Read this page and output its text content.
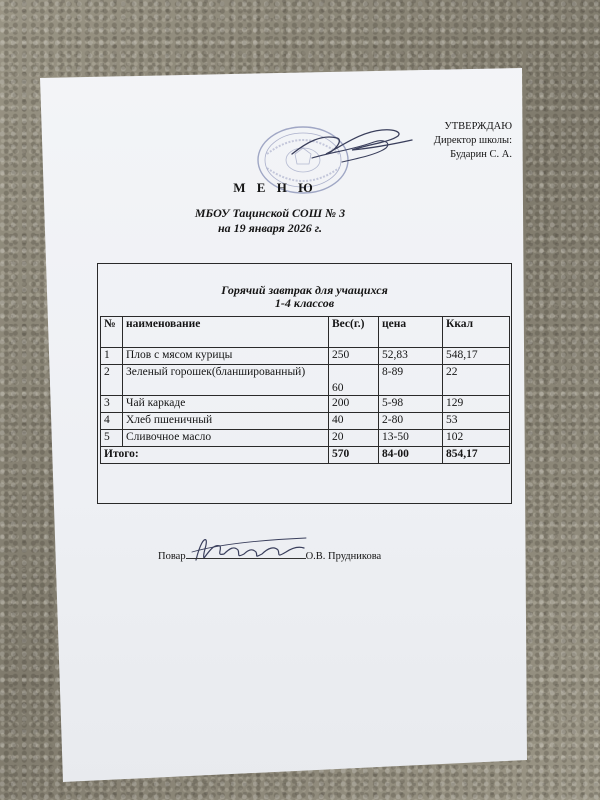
УТВЕРЖДАЮ
Директор школы:
Бударин С. А.
М Е Н Ю
МБОУ Тацинской СОШ № 3
на 19 января 2026 г.
Горячий завтрак для учащихся
1-4 классов
№	наименование	Вес(г.)	цена	Ккал
1	Плов с мясом курицы	250	52,83	548,17
2	Зеленый горошек(бланшированный)	60	8-89	22
3	Чай каркаде	200	5-98	129
4	Хлеб пшеничный	40	2-80	53
5	Сливочное масло	20	13-50	102
Итого:		570	84-00	854,17
Повар	О.В. Прудникова
